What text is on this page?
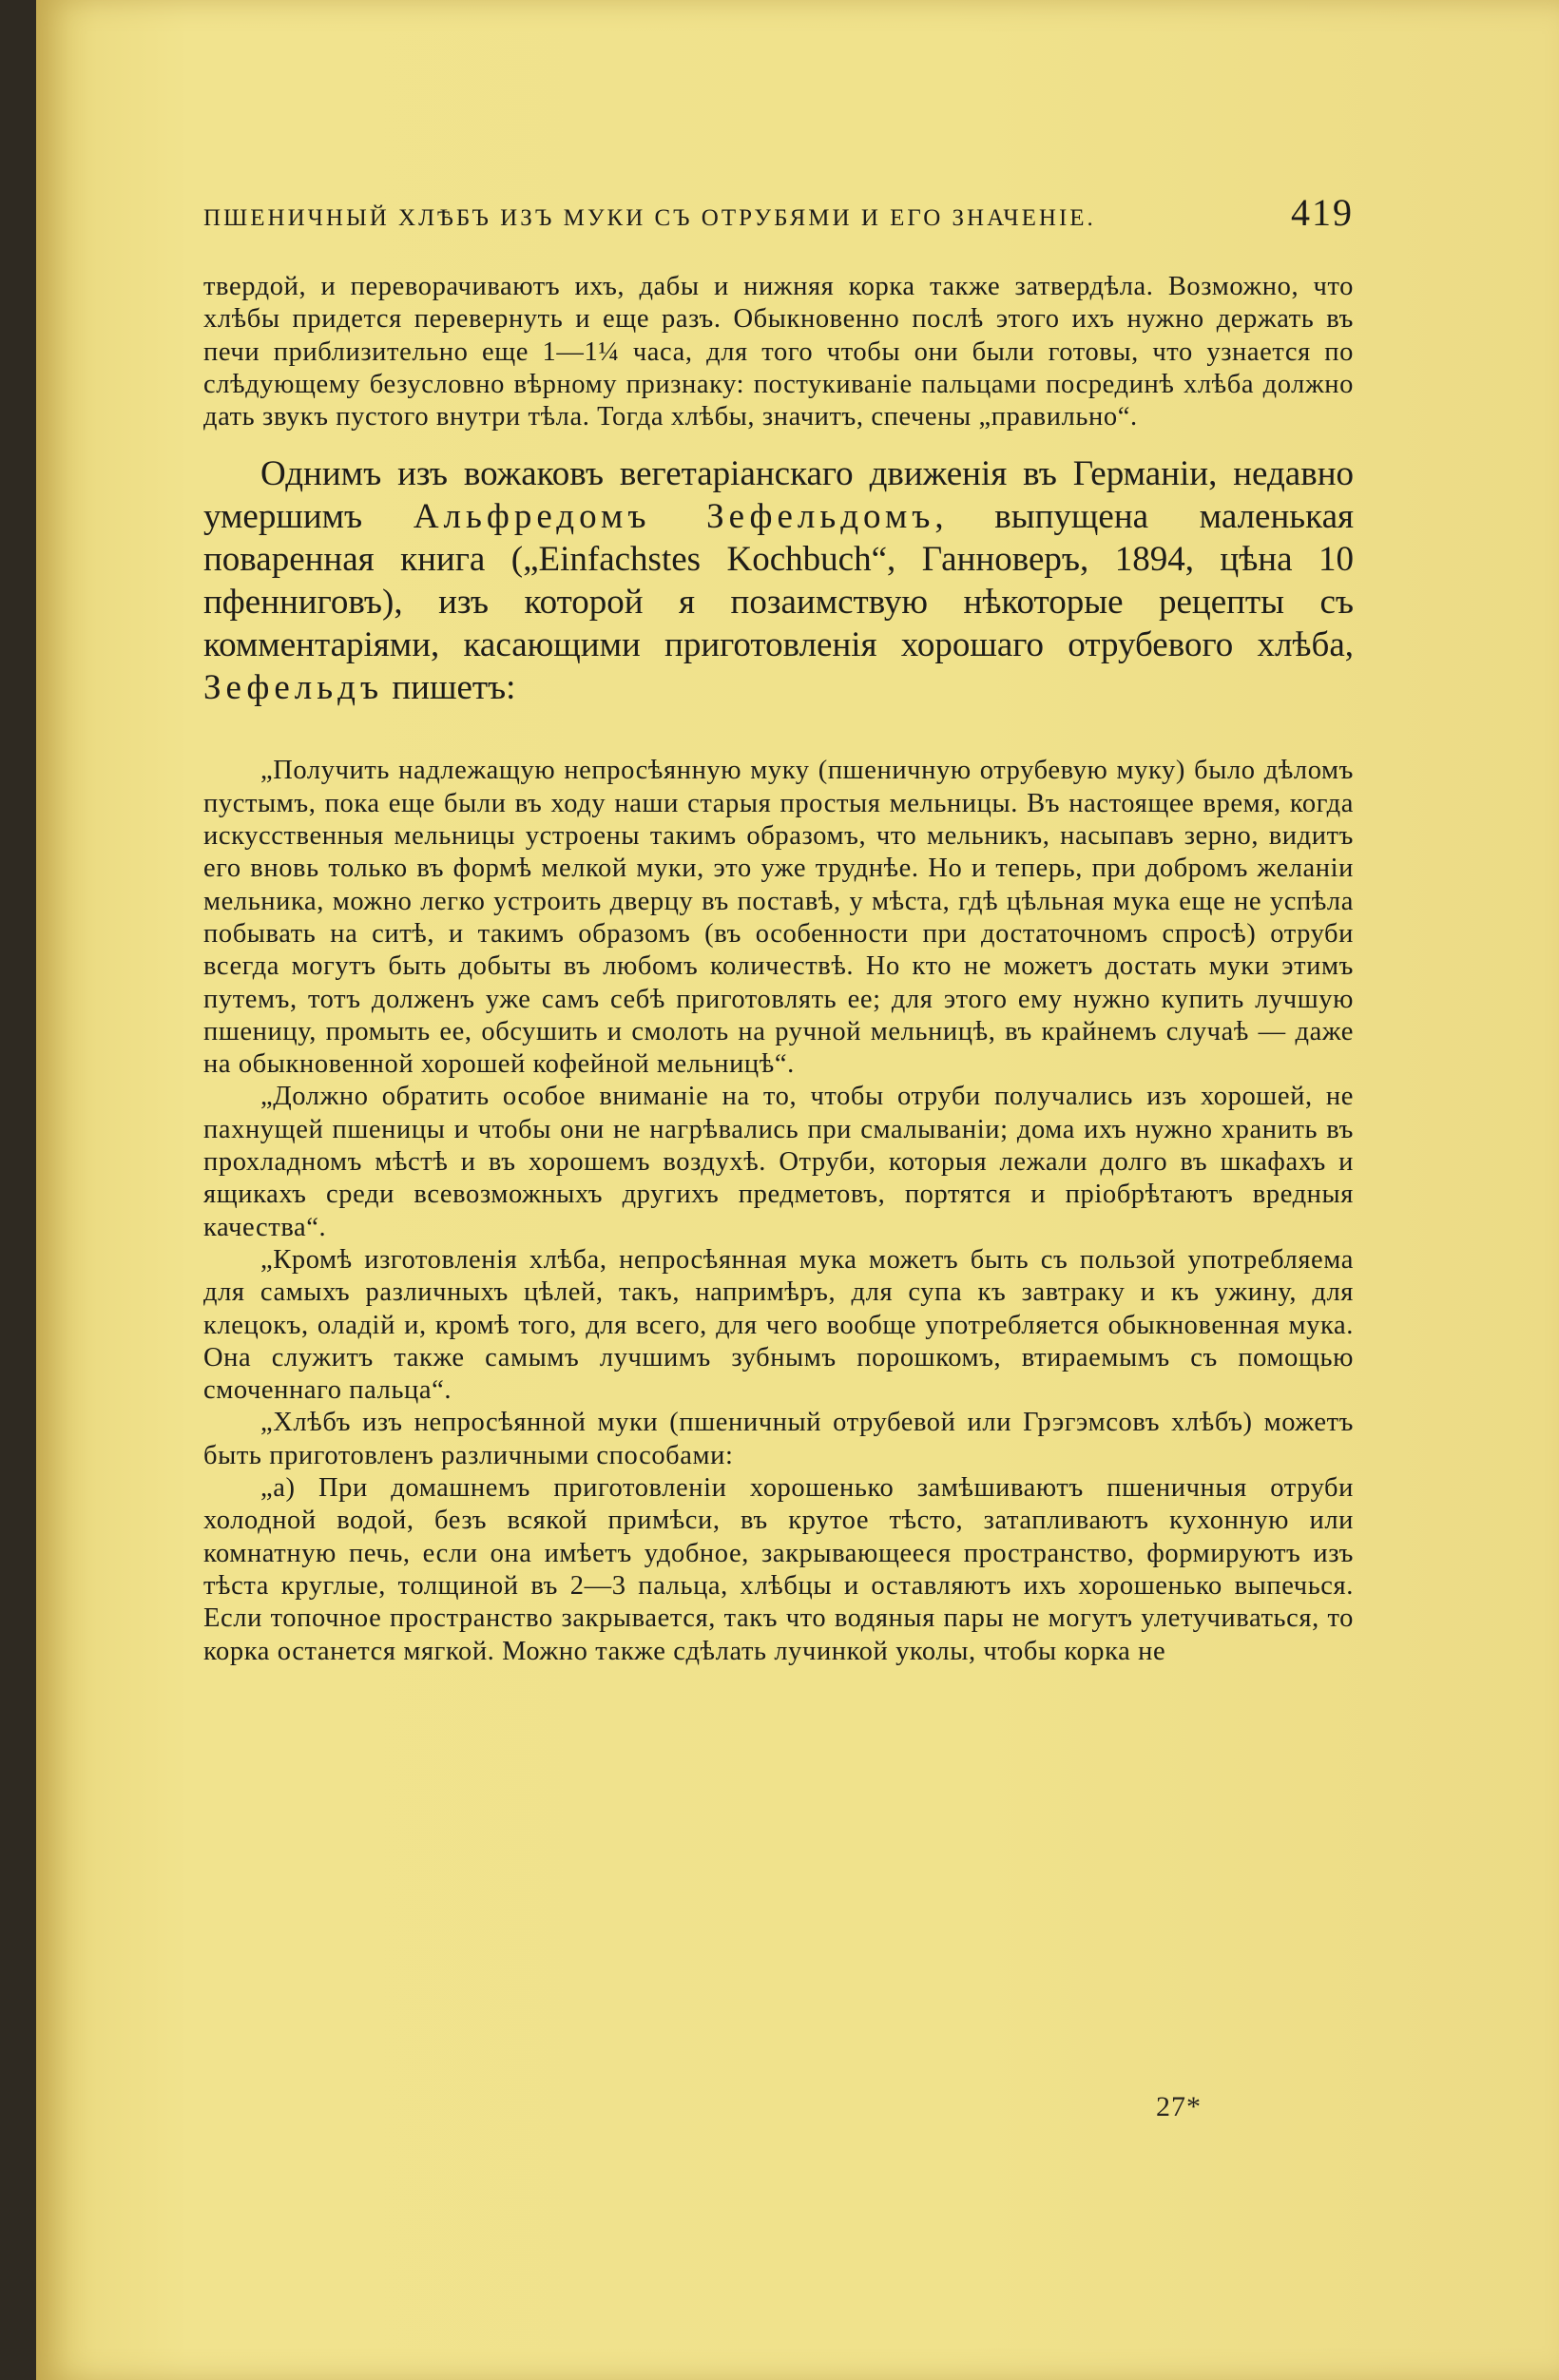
ПШЕНИЧНЫЙ ХЛѢБЪ ИЗЪ МУКИ СЪ ОТРУБЯМИ И ЕГО ЗНАЧЕНІЕ.	419

твердой, и переворачиваютъ ихъ, дабы и нижняя корка также затвердѣла. Возможно, что хлѣбы придется перевернуть и еще разъ. Обыкновенно послѣ этого ихъ нужно держать въ печи приблизительно еще 1—1¼ часа, для того чтобы они были готовы, что узнается по слѣдующему безусловно вѣрному признаку: постукиваніе пальцами посрединѣ хлѣба должно дать звукъ пустого внутри тѣла. Тогда хлѣбы, значитъ, спечены „правильно“.

Однимъ изъ вожаковъ вегетаріанскаго движенія въ Германіи, недавно умершимъ Альфредомъ Зефельдомъ, выпущена маленькая поваренная книга („Einfachstes Kochbuch“, Ганноверъ, 1894, цѣна 10 пфенниговъ), изъ которой я позаимствую нѣкоторые рецепты съ комментаріями, касающими приготовленія хорошаго отрубевого хлѣба, Зефельдъ пишетъ:

„Получить надлежащую непросѣянную муку (пшеничную отрубевую муку) было дѣломъ пустымъ, пока еще были въ ходу наши старыя простыя мельницы. Въ настоящее время, когда искусственныя мельницы устроены такимъ образомъ, что мельникъ, насыпавъ зерно, видитъ его вновь только въ формѣ мелкой муки, это уже труднѣе. Но и теперь, при добромъ желаніи мельника, можно легко устроить дверцу въ поставѣ, у мѣста, гдѣ цѣльная мука еще не успѣла побывать на ситѣ, и такимъ образомъ (въ особенности при достаточномъ спросѣ) отруби всегда могутъ быть добыты въ любомъ количествѣ. Но кто не можетъ достать муки этимъ путемъ, тотъ долженъ уже самъ себѣ приготовлять ее; для этого ему нужно купить лучшую пшеницу, промыть ее, обсушить и смолоть на ручной мельницѣ, въ крайнемъ случаѣ — даже на обыкновенной хорошей кофейной мельницѣ“.

„Должно обратить особое вниманіе на то, чтобы отруби получались изъ хорошей, не пахнущей пшеницы и чтобы они не нагрѣвались при смалываніи; дома ихъ нужно хранить въ прохладномъ мѣстѣ и въ хорошемъ воздухѣ. Отруби, которыя лежали долго въ шкафахъ и ящикахъ среди всевозможныхъ другихъ предметовъ, портятся и пріобрѣтаютъ вредныя качества“.

„Кромѣ изготовленія хлѣба, непросѣянная мука можетъ быть съ пользой употребляема для самыхъ различныхъ цѣлей, такъ, напримѣръ, для супа къ завтраку и къ ужину, для клецокъ, оладій и, кромѣ того, для всего, для чего вообще употребляется обыкновенная мука. Она служитъ также самымъ лучшимъ зубнымъ порошкомъ, втираемымъ съ помощью смоченнаго пальца“.

„Хлѣбъ изъ непросѣянной муки (пшеничный отрубевой или Грэгэмсовъ хлѣбъ) можетъ быть приготовленъ различными способами:

„а) При домашнемъ приготовленіи хорошенько замѣшиваютъ пшеничныя отруби холодной водой, безъ всякой примѣси, въ крутое тѣсто, затапливаютъ кухонную или комнатную печь, если она имѣетъ удобное, закрывающееся пространство, формируютъ изъ тѣста круглые, толщиной въ 2—3 пальца, хлѣбцы и оставляютъ ихъ хорошенько выпечься. Если топочное пространство закрывается, такъ что водяныя пары не могутъ улетучиваться, то корка останется мягкой. Можно также сдѣлать лучинкой уколы, чтобы корка не

27*
